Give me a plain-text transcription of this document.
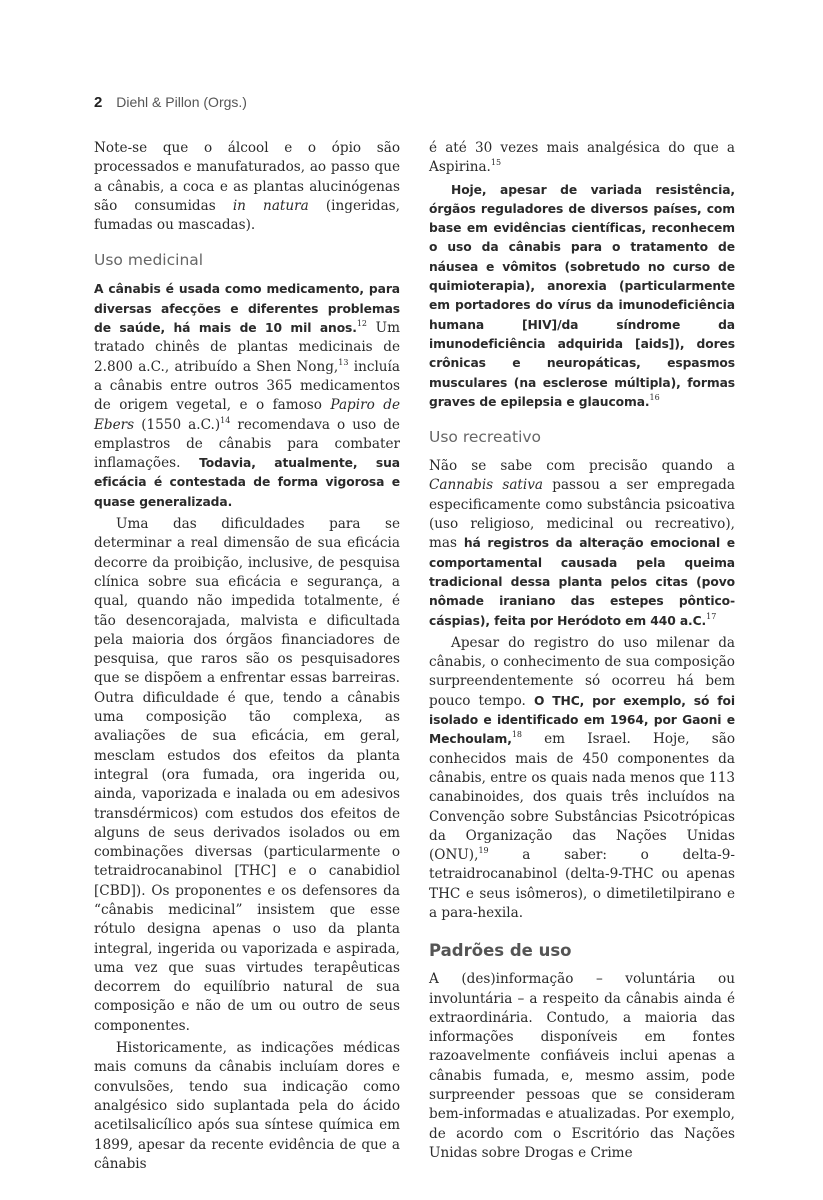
2 Diehl & Pillon (Orgs.)

Note-se que o álcool e o ópio são processados e manufaturados, ao passo que a cânabis, a coca e as plantas alucinógenas são consumidas in natura (ingeridas, fumadas ou mascadas).

Uso medicinal

A cânabis é usada como medicamento, para diversas afecções e diferentes problemas de saúde, há mais de 10 mil anos.$^{12}$ Um tratado chinês de plantas medicinais de 2.800 a.C., atribuído a Shen Nong,$^{13}$ incluía a cânabis entre outros 365 medicamentos de origem vegetal, e o famoso Papiro de Ebers (1550 a.C.)$^{14}$ recomendava o uso de emplastros de cânabis para combater inflamações. Todavia, atualmente, sua eficácia é contestada de forma vigorosa e quase generalizada.

Uma das dificuldades para se determinar a real dimensão de sua eficácia decorre da proibição, inclusive, de pesquisa clínica sobre sua eficácia e segurança, a qual, quando não impedida totalmente, é tão desencorajada, malvista e dificultada pela maioria dos órgãos financiadores de pesquisa, que raros são os pesquisadores que se dispõem a enfrentar essas barreiras. Outra dificuldade é que, tendo a cânabis uma composição tão complexa, as avaliações de sua eficácia, em geral, mesclam estudos dos efeitos da planta integral (ora fumada, ora ingerida ou, ainda, vaporizada e inalada ou em adesivos transdérmicos) com estudos dos efeitos de alguns de seus derivados isolados ou em combinações diversas (particularmente o tetraidrocanabinol [THC] e o canabidiol [CBD]). Os proponentes e os defensores da “cânabis medicinal” insistem que esse rótulo designa apenas o uso da planta integral, ingerida ou vaporizada e aspirada, uma vez que suas virtudes terapêuticas decorrem do equilíbrio natural de sua composição e não de um ou outro de seus componentes.

Historicamente, as indicações médicas mais comuns da cânabis incluíam dores e convulsões, tendo sua indicação como analgésico sido suplantada pela do ácido acetilsalicílico após sua síntese química em 1899, apesar da recente evidência de que a cânabis

é até 30 vezes mais analgésica do que a Aspirina.$^{15}$

Hoje, apesar de variada resistência, órgãos reguladores de diversos países, com base em evidências científicas, reconhecem o uso da cânabis para o tratamento de náusea e vômitos (sobretudo no curso de quimioterapia), anorexia (particularmente em portadores do vírus da imunodeficiência humana [HIV]/da síndrome da imunodeficiência adquirida [aids]), dores crônicas e neuropáticas, espasmos musculares (na esclerose múltipla), formas graves de epilepsia e glaucoma.$^{16}$

Uso recreativo

Não se sabe com precisão quando a Cannabis sativa passou a ser empregada especificamente como substância psicoativa (uso religioso, medicinal ou recreativo), mas há registros da alteração emocional e comportamental causada pela queima tradicional dessa planta pelos citas (povo nômade iraniano das estepes pôntico-cáspias), feita por Heródoto em 440 a.C.$^{17}$

Apesar do registro do uso milenar da cânabis, o conhecimento de sua composição surpreendentemente só ocorreu há bem pouco tempo. O THC, por exemplo, só foi isolado e identificado em 1964, por Gaoni e Mechoulam,$^{18}$ em Israel. Hoje, são conhecidos mais de 450 componentes da cânabis, entre os quais nada menos que 113 canabinoides, dos quais três incluídos na Convenção sobre Substâncias Psicotrópicas da Organização das Nações Unidas (ONU),$^{19}$ a saber: o delta-9-tetraidrocanabinol (delta-9-THC ou apenas THC e seus isômeros), o dimetiletilpirano e a para-hexila.

Padrões de uso

A (des)informação – voluntária ou involuntária – a respeito da cânabis ainda é extraordinária. Contudo, a maioria das informações disponíveis em fontes razoavelmente confiáveis inclui apenas a cânabis fumada, e, mesmo assim, pode surpreender pessoas que se consideram bem-informadas e atualizadas. Por exemplo, de acordo com o Escritório das Nações Unidas sobre Drogas e Crime
